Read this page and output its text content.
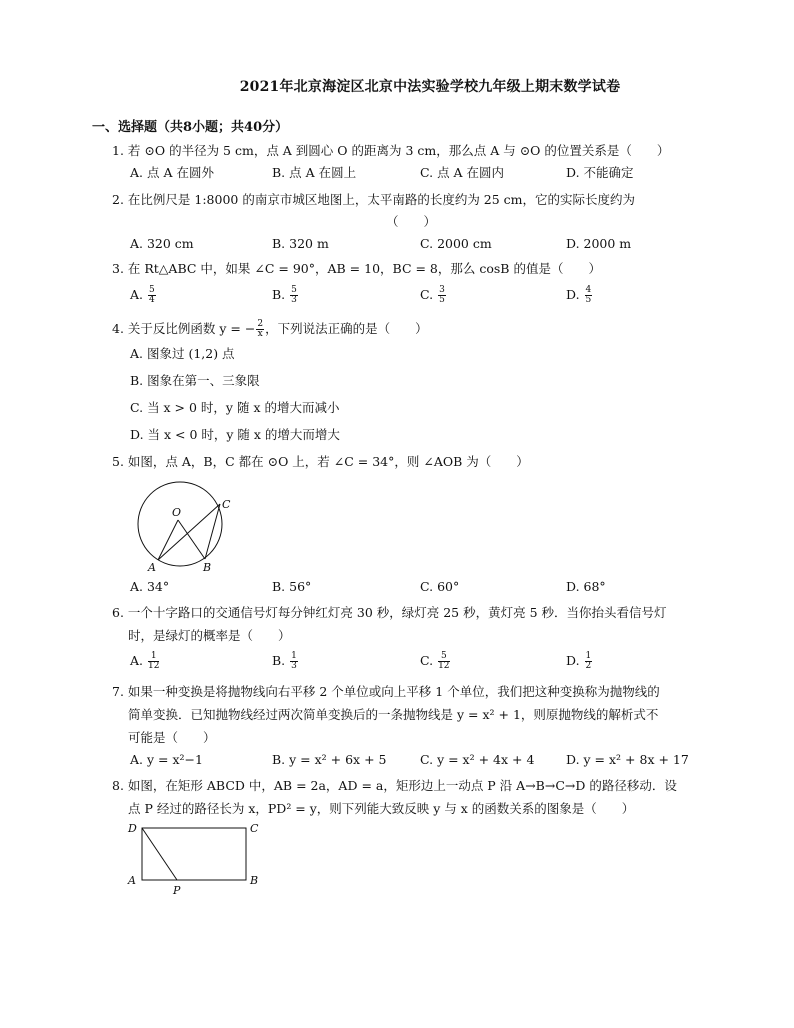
2021年北京海淀区北京中法实验学校九年级上期末数学试卷
一、选择题（共8小题；共40分）
1. 若 ⊙O 的半径为 5 cm，点 A 到圆心 O 的距离为 3 cm，那么点 A 与 ⊙O 的位置关系是（　　）
A. 点 A 在圆外	B. 点 A 在圆上	C. 点 A 在圆内	D. 不能确定
2. 在比例尺是 1:8000 的南京市城区地图上，太平南路的长度约为 25 cm，它的实际长度约为
（　　）
A. 320 cm	B. 320 m	C. 2000 cm	D. 2000 m
3. 在 Rt△ABC 中，如果 ∠C = 90°，AB = 10，BC = 8，那么 cosB 的值是（　　）
A. $\frac{5}{4}$	B. $\frac{5}{3}$	C. $\frac{3}{5}$	D. $\frac{4}{5}$
4. 关于反比例函数 y = − $\frac{2}{x}$ ，下列说法正确的是（　　）
A. 图象过 (1,2) 点
B. 图象在第一、三象限
C. 当 x > 0 时，y 随 x 的增大而减小
D. 当 x < 0 时，y 随 x 的增大而增大
5. 如图，点 A，B，C 都在 ⊙O 上，若 ∠C = 34°，则 ∠AOB 为（　　）
O
C
A	B
A. 34°	B. 56°	C. 60°	D. 68°
6. 一个十字路口的交通信号灯每分钟红灯亮 30 秒，绿灯亮 25 秒，黄灯亮 5 秒．当你抬头看信号灯
时，是绿灯的概率是（　　）
A. $\frac{1}{12}$	B. $\frac{1}{3}$	C. $\frac{5}{12}$	D. $\frac{1}{2}$
7. 如果一种变换是将抛物线向右平移 2 个单位或向上平移 1 个单位，我们把这种变换称为抛物线的
简单变换．已知抛物线经过两次简单变换后的一条抛物线是 y = x² + 1，则原抛物线的解析式不
可能是（　　）
A. y = x²−1	B. y = x² + 6x + 5	C. y = x² + 4x + 4	D. y = x² + 8x + 17
8. 如图，在矩形 ABCD 中，AB = 2a，AD = a，矩形边上一动点 P 沿 A→B→C→D 的路径移动．设
点 P 经过的路径长为 x，PD² = y，则下列能大致反映 y 与 x 的函数关系的图象是（　　）
D	C
A	B
P
